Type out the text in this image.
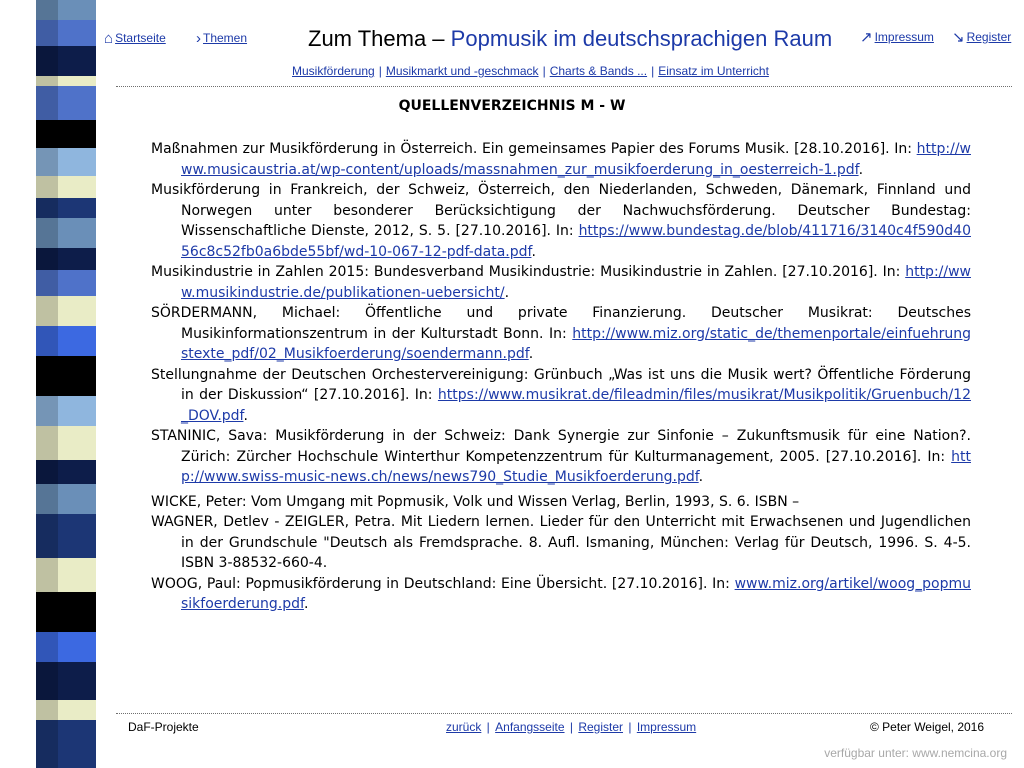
⌂ Startseite › Themen	Zum Thema – Popmusik im deutschsprachigen Raum ↗ Impressum ↘ Register
Musikförderung | Musikmarkt und -geschmack | Charts & Bands ... | Einsatz im Unterricht
QUELLENVERZEICHNIS M - W

Maßnahmen zur Musikförderung in Österreich. Ein gemeinsames Papier des Forums Musik. [28.10.2016]. In: http://www.musicaustria.at/wp-content/uploads/massnahmen_zur_musikfoerderung_in_oesterreich-1.pdf.

Musikförderung in Frankreich, der Schweiz, Österreich, den Niederlanden, Schweden, Dänemark, Finnland und Norwegen unter besonderer Berücksichtigung der Nachwuchsförderung. Deutscher Bundestag: Wissenschaftliche Dienste, 2012, S. 5. [27.10.2016]. In: https://www.bundestag.de/blob/411716/3140c4f590d4056c8c52fb0a6bde55bf/wd-10-067-12-pdf-data.pdf.

Musikindustrie in Zahlen 2015: Bundesverband Musikindustrie: Musikindustrie in Zahlen. [27.10.2016]. In: http://www.musikindustrie.de/publikationen-uebersicht/.

SÖRDERMANN, Michael: Öffentliche und private Finanzierung. Deutscher Musikrat: Deutsches Musikinformationszentrum in der Kulturstadt Bonn. In: http://www.miz.org/static_de/themenportale/einfuehrungstexte_pdf/02_Musikfoerderung/soendermann.pdf.

Stellungnahme der Deutschen Orchestervereinigung: Grünbuch „Was ist uns die Musik wert? Öffentliche Förderung in der Diskussion“ [27.10.2016]. In: https://www.musikrat.de/fileadmin/files/musikrat/Musikpolitik/Gruenbuch/12_DOV.pdf.

STANINIC, Sava: Musikförderung in der Schweiz: Dank Synergie zur Sinfonie – Zukunftsmusik für eine Nation?. Zürich: Zürcher Hochschule Winterthur Kompetenzzentrum für Kulturmanagement, 2005. [27.10.2016]. In: http://www.swiss-music-news.ch/news/news790_Studie_Musikfoerderung.pdf.

WICKE, Peter: Vom Umgang mit Popmusik, Volk und Wissen Verlag, Berlin, 1993, S. 6. ISBN –

WAGNER, Detlev - ZEIGLER, Petra. Mit Liedern lernen. Lieder für den Unterricht mit Erwachsenen und Jugendlichen in der Grundschule "Deutsch als Fremdsprache. 8. Aufl. Ismaning, München: Verlag für Deutsch, 1996. S. 4-5. ISBN 3-88532-660-4.

WOOG, Paul: Popmusikförderung in Deutschland: Eine Übersicht. [27.10.2016]. In: www.miz.org/artikel/woog_popmusikfoerderung.pdf.

DaF-Projekte	zurück | Anfangsseite | Register | Impressum	© Peter Weigel, 2016
verfügbar unter: www.nemcina.org
